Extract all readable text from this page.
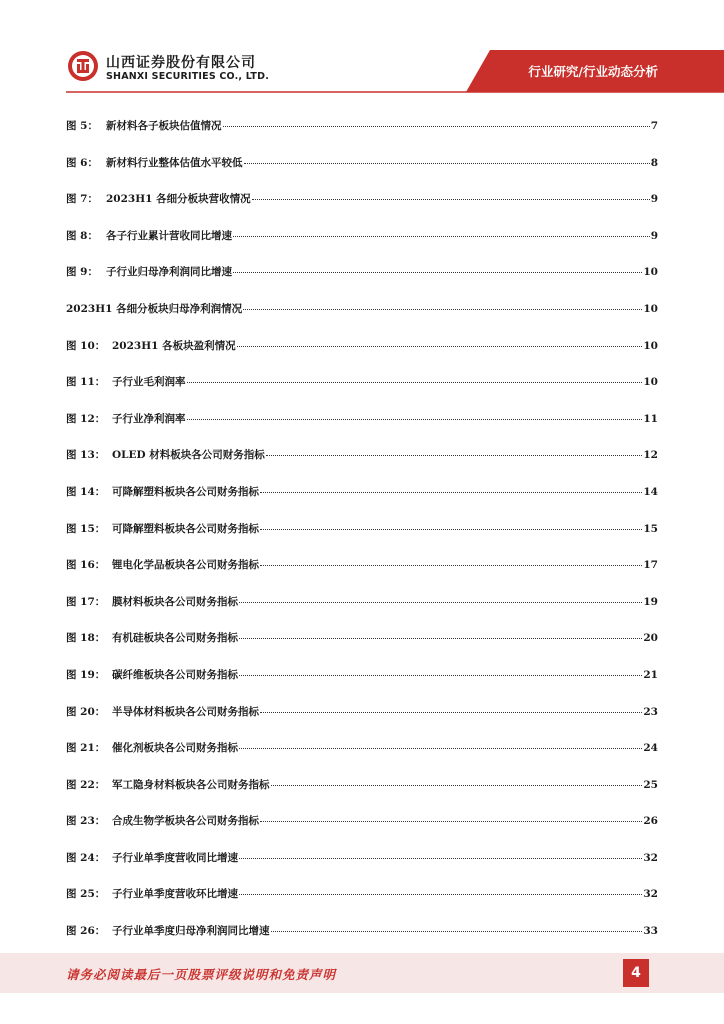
山西证券股份有限公司
SHANXI SECURITIES CO., LTD.	行业研究/行业动态分析
图 5： 新材料各子板块估值情况	7
图 6： 新材料行业整体估值水平较低	8
图 7： 2023H1 各细分板块营收情况	9
图 8： 各子行业累计营收同比增速	9
图 9： 子行业归母净利润同比增速	10
2023H1 各细分板块归母净利润情况	10
图 10： 2023H1 各板块盈利情况	10
图 11： 子行业毛利润率	10
图 12： 子行业净利润率	11
图 13： OLED 材料板块各公司财务指标	12
图 14： 可降解塑料板块各公司财务指标	14
图 15： 可降解塑料板块各公司财务指标	15
图 16： 锂电化学品板块各公司财务指标	17
图 17： 膜材料板块各公司财务指标	19
图 18： 有机硅板块各公司财务指标	20
图 19： 碳纤维板块各公司财务指标	21
图 20： 半导体材料板块各公司财务指标	23
图 21： 催化剂板块各公司财务指标	24
图 22： 军工隐身材料板块各公司财务指标	25
图 23： 合成生物学板块各公司财务指标	26
图 24： 子行业单季度营收同比增速	32
图 25： 子行业单季度营收环比增速	32
图 26： 子行业单季度归母净利润同比增速	33
请务必阅读最后一页股票评级说明和免责声明	4
